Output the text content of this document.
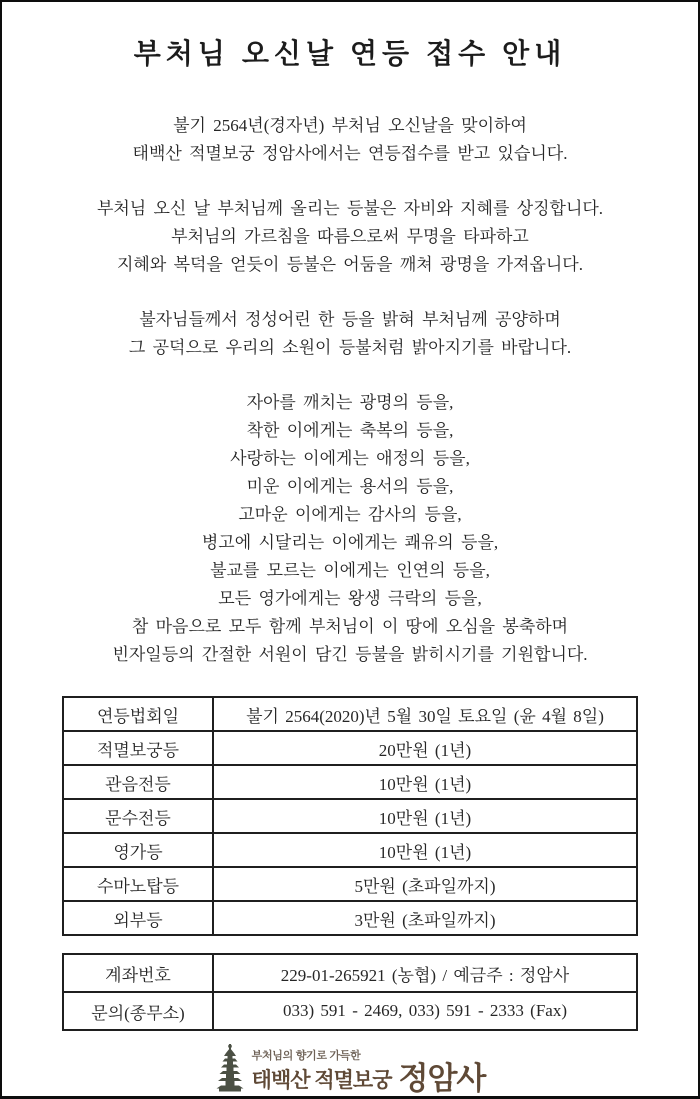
부처님 오신날 연등 접수 안내
불기 2564년(경자년) 부처님 오신날을 맞이하여
태백산 적멸보궁 정암사에서는 연등접수를 받고 있습니다.
부처님 오신 날 부처님께 올리는 등불은 자비와 지혜를 상징합니다.
부처님의 가르침을 따름으로써 무명을 타파하고
지혜와 복덕을 얻듯이 등불은 어둠을 깨쳐 광명을 가져옵니다.
불자님들께서 정성어린 한 등을 밝혀 부처님께 공양하며
그 공덕으로 우리의 소원이 등불처럼 밝아지기를 바랍니다.
자아를 깨치는 광명의 등을,
착한 이에게는 축복의 등을,
사랑하는 이에게는 애정의 등을,
미운 이에게는 용서의 등을,
고마운 이에게는 감사의 등을,
병고에 시달리는 이에게는 쾌유의 등을,
불교를 모르는 이에게는 인연의 등을,
모든 영가에게는 왕생 극락의 등을,
참 마음으로 모두 함께 부처님이 이 땅에 오심을 봉축하며
빈자일등의 간절한 서원이 담긴 등불을 밝히시기를 기원합니다.
연등법회일	불기 2564(2020)년 5월 30일 토요일 (윤 4월 8일)
적멸보궁등	20만원 (1년)
관음전등	10만원 (1년)
문수전등	10만원 (1년)
영가등	10만원 (1년)
수마노탑등	5만원 (초파일까지)
외부등	3만원 (초파일까지)
계좌번호	229-01-265921 (농협) / 예금주 : 정암사
문의(종무소)	033) 591 - 2469, 033) 591 - 2333 (Fax)
부처님의 향기로 가득한
태백산 적멸보궁 정암사
